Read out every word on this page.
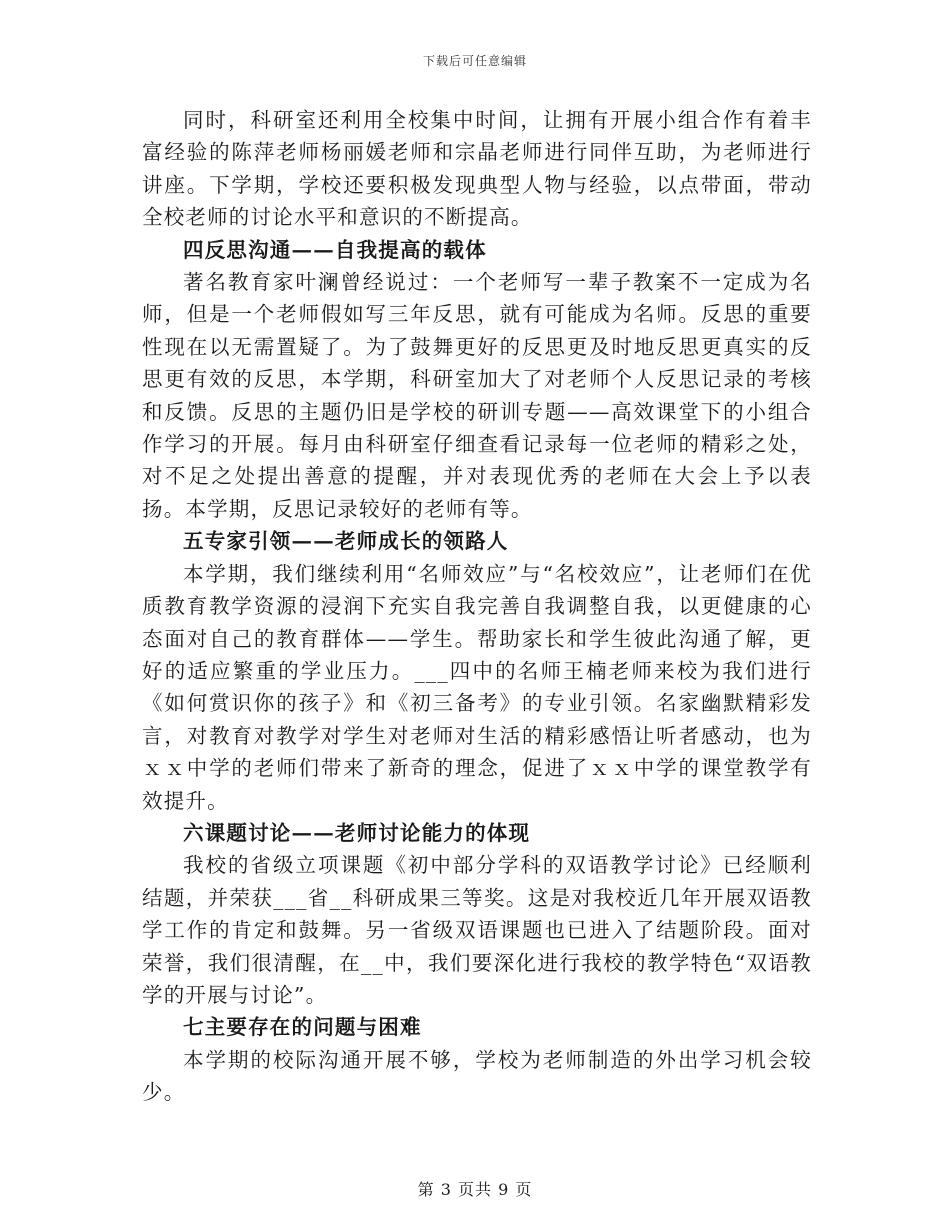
下载后可任意编辑

同时，科研室还利用全校集中时间，让拥有开展小组合作有着丰富经验的陈萍老师杨丽媛老师和宗晶老师进行同伴互助，为老师进行讲座。下学期，学校还要积极发现典型人物与经验，以点带面，带动全校老师的讨论水平和意识的不断提高。

四反思沟通——自我提高的载体

著名教育家叶澜曾经说过：一个老师写一辈子教案不一定成为名师，但是一个老师假如写三年反思，就有可能成为名师。反思的重要性现在以无需置疑了。为了鼓舞更好的反思更及时地反思更真实的反思更有效的反思，本学期，科研室加大了对老师个人反思记录的考核和反馈。反思的主题仍旧是学校的研训专题——高效课堂下的小组合作学习的开展。每月由科研室仔细查看记录每一位老师的精彩之处，对不足之处提出善意的提醒，并对表现优秀的老师在大会上予以表扬。本学期，反思记录较好的老师有等。

五专家引领——老师成长的领路人

本学期，我们继续利用“名师效应”与“名校效应”，让老师们在优质教育教学资源的浸润下充实自我完善自我调整自我，以更健康的心态面对自己的教育群体——学生。帮助家长和学生彼此沟通了解，更好的适应繁重的学业压力。___四中的名师王楠老师来校为我们进行《如何赏识你的孩子》和《初三备考》的专业引领。名家幽默精彩发言，对教育对教学对学生对老师对生活的精彩感悟让听者感动，也为ｘｘ中学的老师们带来了新奇的理念，促进了ｘｘ中学的课堂教学有效提升。

六课题讨论——老师讨论能力的体现

我校的省级立项课题《初中部分学科的双语教学讨论》已经顺利结题，并荣获___省__科研成果三等奖。这是对我校近几年开展双语教学工作的肯定和鼓舞。另一省级双语课题也已进入了结题阶段。面对荣誉，我们很清醒，在__中，我们要深化进行我校的教学特色“双语教学的开展与讨论”。

七主要存在的问题与困难

本学期的校际沟通开展不够，学校为老师制造的外出学习机会较少。

第 3 页共 9 页
